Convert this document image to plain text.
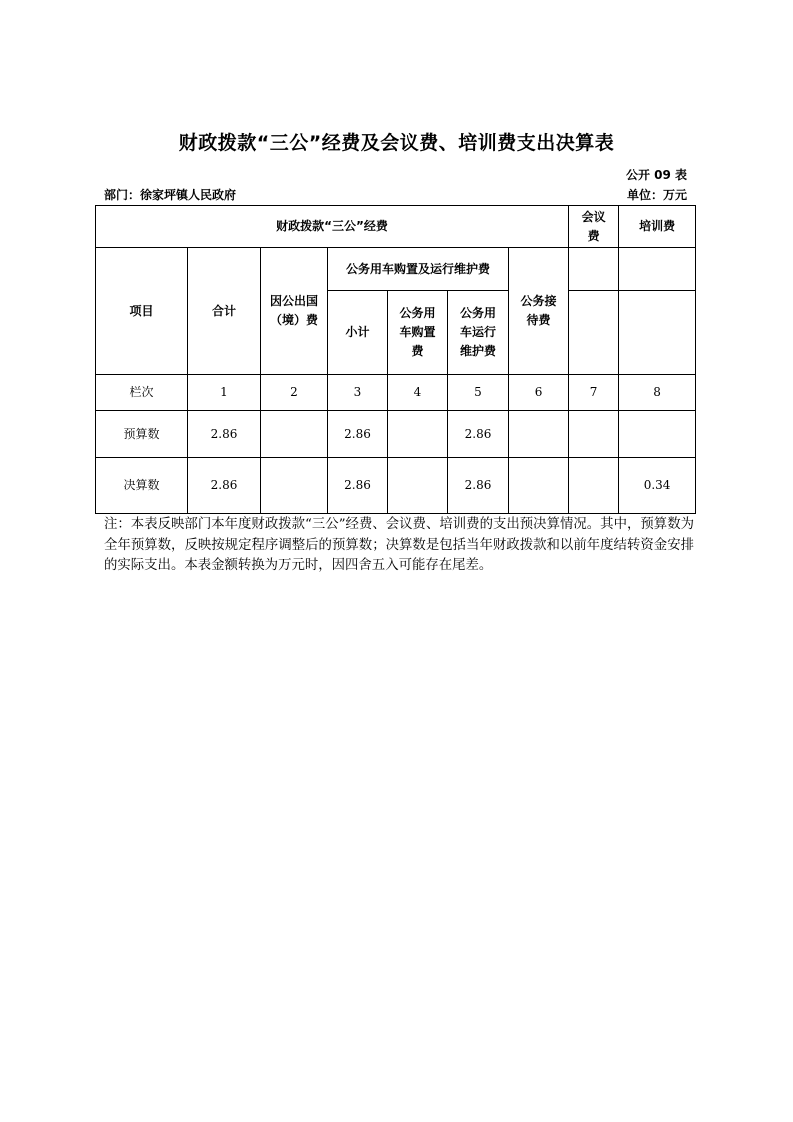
财政拨款“三公”经费及会议费、培训费支出决算表
公开 09 表
部门：徐家坪镇人民政府	单位：万元
财政拨款“三公”经费							会议费	培训费
项目	合计	因公出国（境）费	公务用车购置及运行维护费			公务接待费		
			小计	公务用车购置费	公务用车运行维护费			
栏次	1	2	3	4	5	6	7	8
预算数	2.86		2.86		2.86			
决算数	2.86		2.86		2.86			0.34
注：本表反映部门本年度财政拨款“三公”经费、会议费、培训费的支出预决算情况。其中，预算数为全年预算数，反映按规定程序调整后的预算数；决算数是包括当年财政拨款和以前年度结转资金安排的实际支出。本表金额转换为万元时，因四舍五入可能存在尾差。
